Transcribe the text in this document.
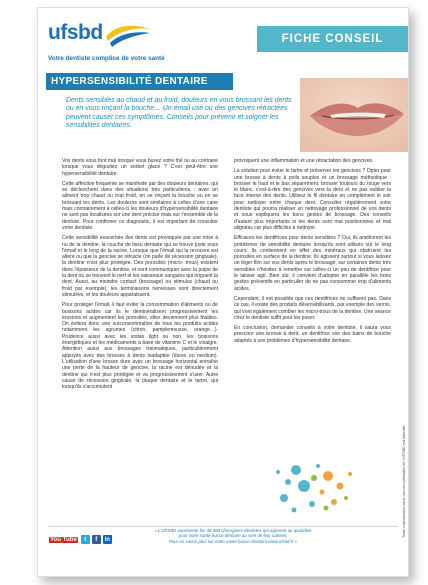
ufsbd
Votre dentiste complice de votre santé
FICHE CONSEIL
HYPERSENSIBILITÉ DENTAIRE
Dents sensibles au chaud et au froid, douleurs en vous brossant les dents ou en vous rinçant la bouche… Un émail usé ou des gencives rétractées peuvent causer ces symptômes. Conseils pour prévenir et soigner les sensibilités dentaires.

Vos dents vous font mal lorsque vous buvez votre thé ou au contraire lorsque vous dégustez un sorbet glacé ? C'est peut-être une hypersensibilité dentaire.

Cette affection fréquente se manifeste par des douleurs dentaires, qui se déclenchent dans des situations très particulières : avec un aliment trop chaud ou trop froid, en se rinçant la bouche ou en se brossant les dents. Les douleurs sont similaires à celles d'une carie mais contrairement à celles-ci les douleurs d'hypersensibilité dentaire ne sont pas localisées sur une dent précise mais sur l'ensemble de la denture. Pour confirmer ce diagnostic, il est important de consulter votre dentiste.

Cette sensibilité exacerbée des dents est provoquée par une mise à nu de la dentine, la couche de tissu dentaire qui se trouve juste sous l'émail et le long de la racine. Lorsque que l'émail qui la recouvre est altéré ou que la gencive se rétracte (on parle de récession gingivale), la dentine n'est plus protégée. Des porosités (micro- trous) existent dans l'épaisseur de la dentine, et vont communiquer avec la pulpe de la dent où se trouvent le nerf et les vaisseaux sanguins qui irriguent la dent. Aussi, au moindre contact (brossage) ou stimulus (chaud ou froid par exemple), les terminaisons nerveuses sont directement stimulées, et les douleurs apparaissent.

Pour protéger l'émail, il faut éviter la consommation d'aliments ou de boissons acides car ils le déminéralisent progressivement les érosions et augmentent les porosités, elles deviennent plus friables. On évitera donc une surconsommation de tous les produits acides notamment les agrumes (citron, pamplemousse, orange…). Prudence aussi avec les sodas light ou non, les boissons énergétiques et les médicaments à base de vitamine C et le vinaigre. Attention aussi aux brossages traumatiques, particulièrement appuyés avec des brosses à dents inadaptée (dures ou medium). L'utilisation d'une brosse dure avec un brossage horizontal entraîne une perte de la hauteur de gencive, la racine est dénudée et la dentine qui n'est plus protégée et va progressivement s'user. Autre cause de récession gingivale, la plaque dentaire et le tartre, qui lorsqu'ils s'accumulent

provoquent une inflammation et une rétractation des gencives.

La solution pour éviter le tartre et préserver les gencives ? Opter pour une brosse à dents à poils souples et un brossage méthodique : brosser le haut et le bas séparément, brosser toujours du rouge vers le blanc, c'est-à-dire des gencives vers la dent et ne pas oublier la face interne des dents. Utilisez le fil dentaire en complément le soir pour nettoyer entre chaque dent. Consulter régulièrement votre dentiste qui pourra réaliser un nettoyage professionnel de vos dents et vous expliquera les bons gestes de brossage. Des conseils d'autant plus importants si les dents sont mal positionnées et mal alignées car plus difficiles à nettoyer.

Efficaces les dentifrices pour dents sensibles ? Oui, ils améliorent les problèmes de sensibilité dentaire lorsqu'ils sont utilisés sur le long cours. Ils contiennent en effet des minéraux qui obstruent les porosités en surface de la dentine. Ils agissent surtout si vous laissez un léger film sur vos dents après le brossage, sur certaines dents très sensibles n'hésitez à remettre sur celles-ci un peu de dentifrice pour le laisser agir. Bien sûr, il convient d'adopter en parallèle les bons gestes préventifs en particulier de ne pas consommer trop d'aliments acides.

Cependant, il est possible que ces dentifrices ne suffisent pas. Dans ce cas, il existe des produits désensibilisants, par exemple des vernis, qui vont également combler les micro-trous de la dentine. Une séance chez le dentiste suffit pour les poser.

En conclusion, demander conseils à votre dentiste, il saura vous prescrire une brosse à dent, un dentifrice voir des bains de bouche adaptés à vos problèmes d'hypersensibilité dentaire.

« L'UFSBD représente les 36 000 chirurgiens-dentistes qui agissent au quotidien
pour votre santé bucco-dentaire au sein de leur cabinet.
Pour en savoir plus sur votre santé bucco-dentaire www.ufsbd.fr »
You Tube	t	f	in
Toute reproduction sans l'accord préalable de l'UFSBD est interdite
